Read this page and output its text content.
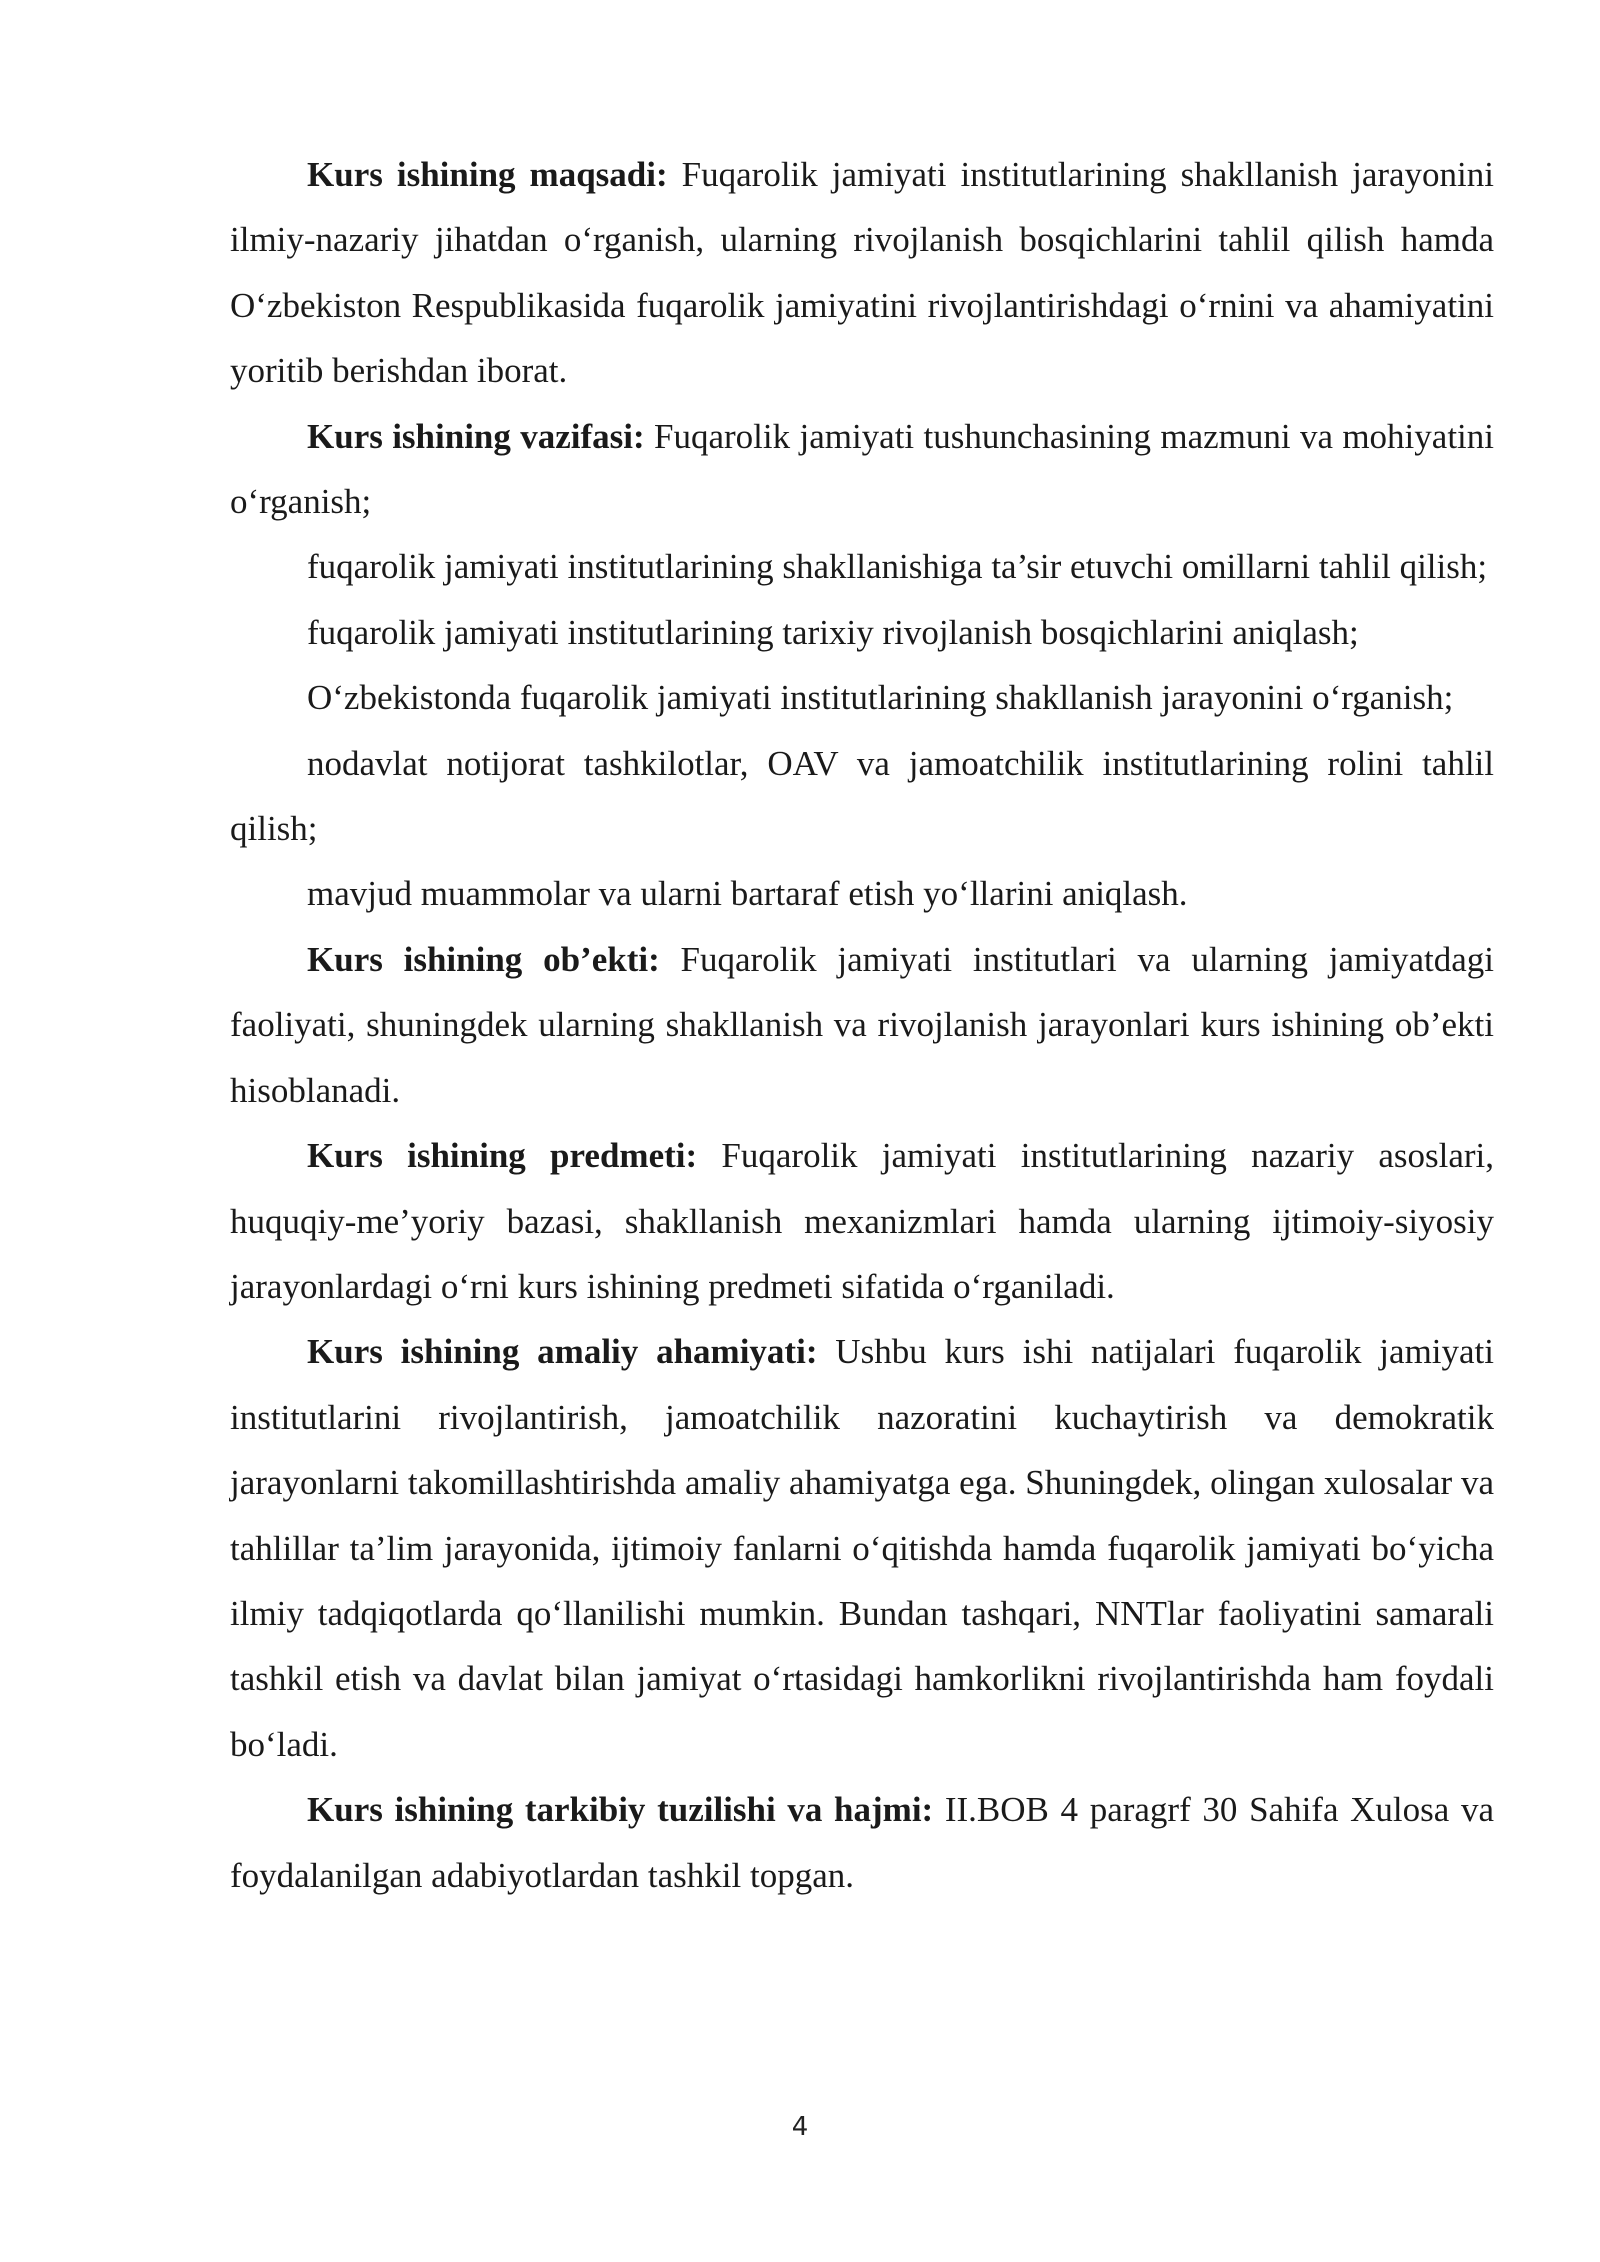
Kurs ishining maqsadi: Fuqarolik jamiyati institutlarining shakllanish jarayonini ilmiy-nazariy jihatdan o‘rganish, ularning rivojlanish bosqichlarini tahlil qilish hamda O‘zbekiston Respublikasida fuqarolik jamiyatini rivojlantirishdagi o‘rnini va ahamiyatini yoritib berishdan iborat.

Kurs ishining vazifasi: Fuqarolik jamiyati tushunchasining mazmuni va mohiyatini o‘rganish;

fuqarolik jamiyati institutlarining shakllanishiga ta’sir etuvchi omillarni tahlil qilish;

fuqarolik jamiyati institutlarining tarixiy rivojlanish bosqichlarini aniqlash;

O‘zbekistonda fuqarolik jamiyati institutlarining shakllanish jarayonini o‘rganish;

nodavlat notijorat tashkilotlar, OAV va jamoatchilik institutlarining rolini tahlil qilish;

mavjud muammolar va ularni bartaraf etish yo‘llarini aniqlash.

Kurs ishining ob’ekti: Fuqarolik jamiyati institutlari va ularning jamiyatdagi faoliyati, shuningdek ularning shakllanish va rivojlanish jarayonlari kurs ishining ob’ekti hisoblanadi.

Kurs ishining predmeti: Fuqarolik jamiyati institutlarining nazariy asoslari, huquqiy-me’yoriy bazasi, shakllanish mexanizmlari hamda ularning ijtimoiy-siyosiy jarayonlardagi o‘rni kurs ishining predmeti sifatida o‘rganiladi.

Kurs ishining amaliy ahamiyati: Ushbu kurs ishi natijalari fuqarolik jamiyati institutlarini rivojlantirish, jamoatchilik nazoratini kuchaytirish va demokratik jarayonlarni takomillashtirishda amaliy ahamiyatga ega. Shuningdek, olingan xulosalar va tahlillar ta’lim jarayonida, ijtimoiy fanlarni o‘qitishda hamda fuqarolik jamiyati bo‘yicha ilmiy tadqiqotlarda qo‘llanilishi mumkin. Bundan tashqari, NNTlar faoliyatini samarali tashkil etish va davlat bilan jamiyat o‘rtasidagi hamkorlikni rivojlantirishda ham foydali bo‘ladi.

Kurs ishining tarkibiy tuzilishi va hajmi: II.BOB 4 paragrf 30 Sahifa Xulosa va foydalanilgan adabiyotlardan tashkil topgan.

4
